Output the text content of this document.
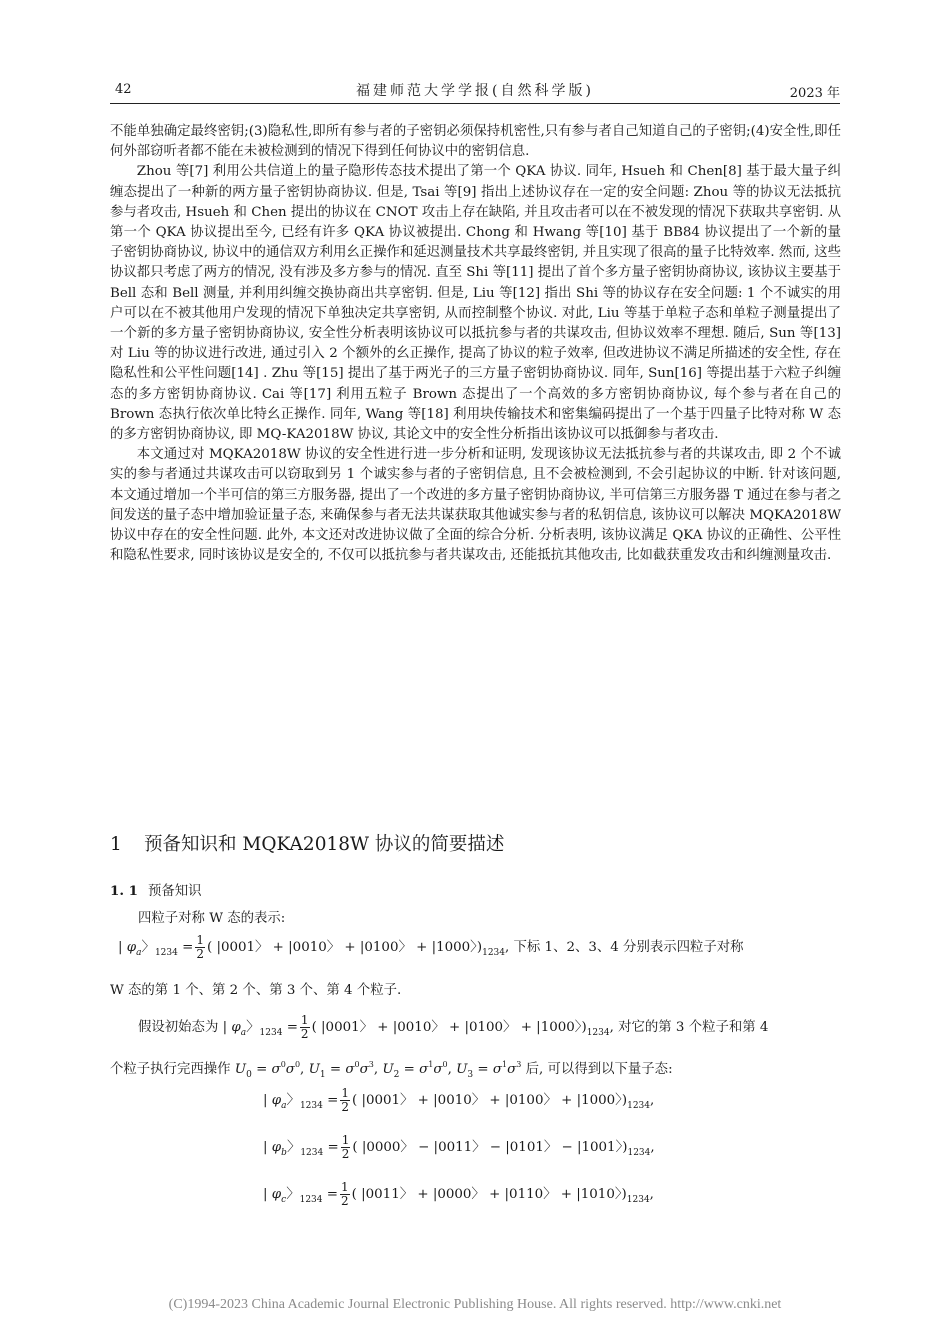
42	福建师范大学学报(自然科学版)	2023 年

不能单独确定最终密钥;(3)隐私性,即所有参与者的子密钥必须保持机密性,只有参与者自己知道自己的子密钥;(4)安全性,即任何外部窃听者都不能在未被检测到的情况下得到任何协议中的密钥信息.

Zhou 等[7] 利用公共信道上的量子隐形传态技术提出了第一个 QKA 协议. 同年, Hsueh 和 Chen[8] 基于最大量子纠缠态提出了一种新的两方量子密钥协商协议. 但是, Tsai 等[9] 指出上述协议存在一定的安全问题: Zhou 等的协议无法抵抗参与者攻击, Hsueh 和 Chen 提出的协议在 CNOT 攻击上存在缺陷, 并且攻击者可以在不被发现的情况下获取共享密钥. 从第一个 QKA 协议提出至今, 已经有许多 QKA 协议被提出. Chong 和 Hwang 等[10] 基于 BB84 协议提出了一个新的量子密钥协商协议, 协议中的通信双方利用幺正操作和延迟测量技术共享最终密钥, 并且实现了很高的量子比特效率. 然而, 这些协议都只考虑了两方的情况, 没有涉及多方参与的情况. 直至 Shi 等[11] 提出了首个多方量子密钥协商协议, 该协议主要基于 Bell 态和 Bell 测量, 并利用纠缠交换协商出共享密钥. 但是, Liu 等[12] 指出 Shi 等的协议存在安全问题: 1 个不诚实的用户可以在不被其他用户发现的情况下单独决定共享密钥, 从而控制整个协议. 对此, Liu 等基于单粒子态和单粒子测量提出了一个新的多方量子密钥协商协议, 安全性分析表明该协议可以抵抗参与者的共谋攻击, 但协议效率不理想. 随后, Sun 等[13] 对 Liu 等的协议进行改进, 通过引入 2 个额外的幺正操作, 提高了协议的粒子效率, 但改进协议不满足所描述的安全性, 存在隐私性和公平性问题[14] . Zhu 等[15] 提出了基于两光子的三方量子密钥协商协议. 同年, Sun[16] 等提出基于六粒子纠缠态的多方密钥协商协议. Cai 等[17] 利用五粒子 Brown 态提出了一个高效的多方密钥协商协议, 每个参与者在自己的 Brown 态执行依次单比特幺正操作. 同年, Wang 等[18] 利用块传输技术和密集编码提出了一个基于四量子比特对称 W 态的多方密钥协商协议, 即 MQ-KA2018W 协议, 其论文中的安全性分析指出该协议可以抵御参与者攻击.

本文通过对 MQKA2018W 协议的安全性进行进一步分析和证明, 发现该协议无法抵抗参与者的共谋攻击, 即 2 个不诚实的参与者通过共谋攻击可以窃取到另 1 个诚实参与者的子密钥信息, 且不会被检测到, 不会引起协议的中断. 针对该问题, 本文通过增加一个半可信的第三方服务器, 提出了一个改进的多方量子密钥协商协议, 半可信第三方服务器 T 通过在参与者之间发送的量子态中增加验证量子态, 来确保参与者无法共谋获取其他诚实参与者的私钥信息, 该协议可以解决 MQKA2018W 协议中存在的安全性问题. 此外, 本文还对改进协议做了全面的综合分析. 分析表明, 该协议满足 QKA 协议的正确性、公平性和隐私性要求, 同时该协议是安全的, 不仅可以抵抗参与者共谋攻击, 还能抵抗其他攻击, 比如截获重发攻击和纠缠测量攻击.

1 预备知识和 MQKA2018W 协议的简要描述
1. 1 预备知识
四粒子对称 W 态的表示:
| $\varphi_a$〉$_{1234} = \frac{1}{2}$ ( |0001〉 + |0010〉 + |0100〉 + |1000〉)$_{1234}$, 下标 1、2、3、4 分别表示四粒子对称
W 态的第 1 个、第 2 个、第 3 个、第 4 个粒子.
假设初始态为 | $\varphi_a$〉$_{1234} = \frac{1}{2}$ ( |0001〉 + |0010〉 + |0100〉 + |1000〉)$_{1234}$, 对它的第 3 个粒子和第 4
个粒子执行完西操作 $U_0 = \sigma^0\sigma^0$, $U_1 = \sigma^0\sigma^3$, $U_2 = \sigma^1\sigma^0$, $U_3 = \sigma^1\sigma^3$ 后, 可以得到以下量子态:
| $\varphi_a$〉$_{1234} = \frac{1}{2}$ ( |0001〉 + |0010〉 + |0100〉 + |1000〉)$_{1234}$,
| $\varphi_b$〉$_{1234} = \frac{1}{2}$ ( |0000〉 − |0011〉 − |0101〉 − |1001〉)$_{1234}$,
| $\varphi_c$〉$_{1234} = \frac{1}{2}$ ( |0011〉 + |0000〉 + |0110〉 + |1010〉)$_{1234}$,
(C)1994-2023 China Academic Journal Electronic Publishing House. All rights reserved. http://www.cnki.net
